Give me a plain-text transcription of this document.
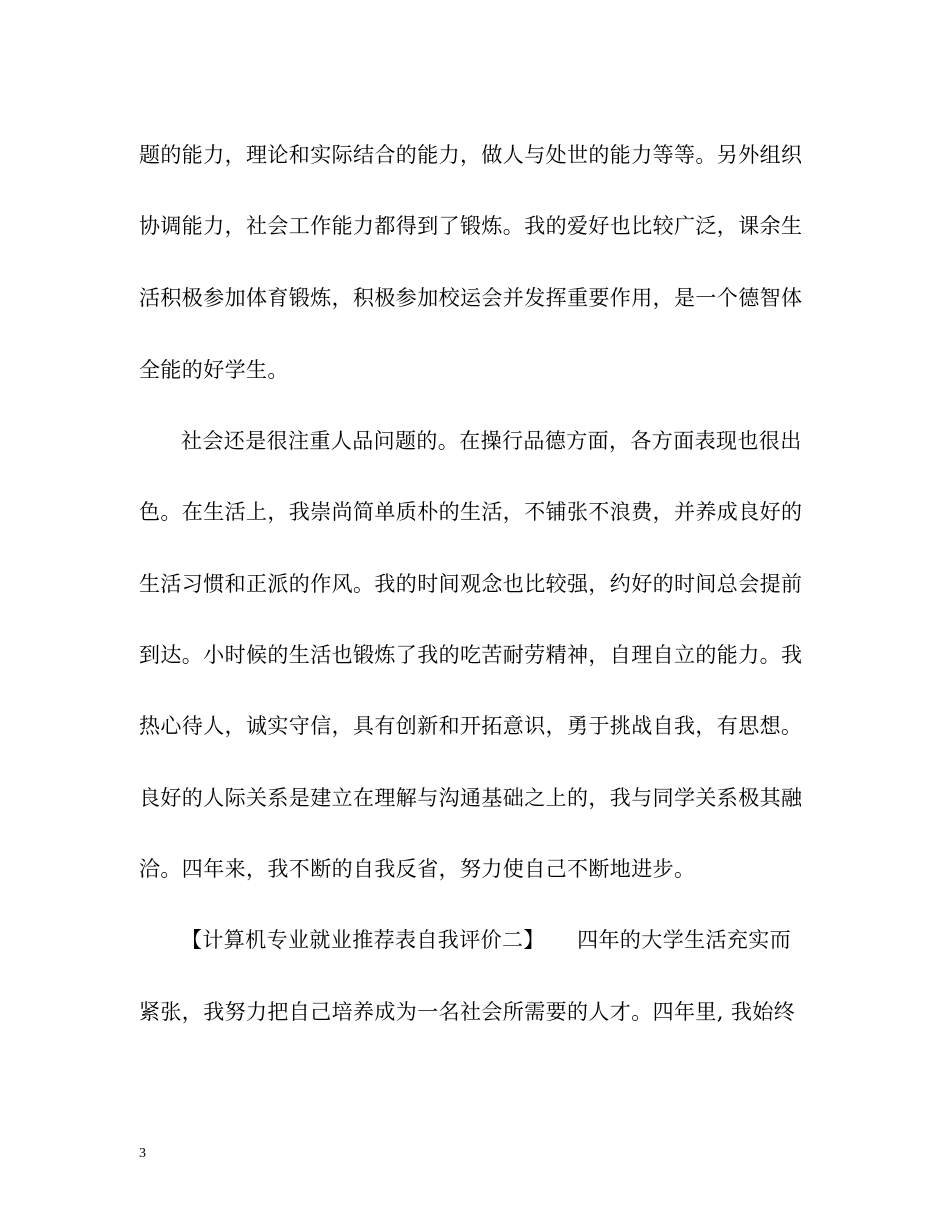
题的能力，理论和实际结合的能力，做人与处世的能力等等。另外组织
协调能力，社会工作能力都得到了锻炼。我的爱好也比较广泛，课余生
活积极参加体育锻炼，积极参加校运会并发挥重要作用，是一个德智体
全能的好学生。
社会还是很注重人品问题的。在操行品德方面，各方面表现也很出
色。在生活上，我崇尚简单质朴的生活，不铺张不浪费，并养成良好的
生活习惯和正派的作风。我的时间观念也比较强，约好的时间总会提前
到达。小时候的生活也锻炼了我的吃苦耐劳精神，自理自立的能力。我
热心待人，诚实守信，具有创新和开拓意识，勇于挑战自我，有思想。
良好的人际关系是建立在理解与沟通基础之上的，我与同学关系极其融
洽。四年来，我不断的自我反省，努力使自己不断地进步。
【计算机专业就业推荐表自我评价二】　　四年的大学生活充实而
紧张，我努力把自己培养成为一名社会所需要的人才。四年里, 我始终
3
